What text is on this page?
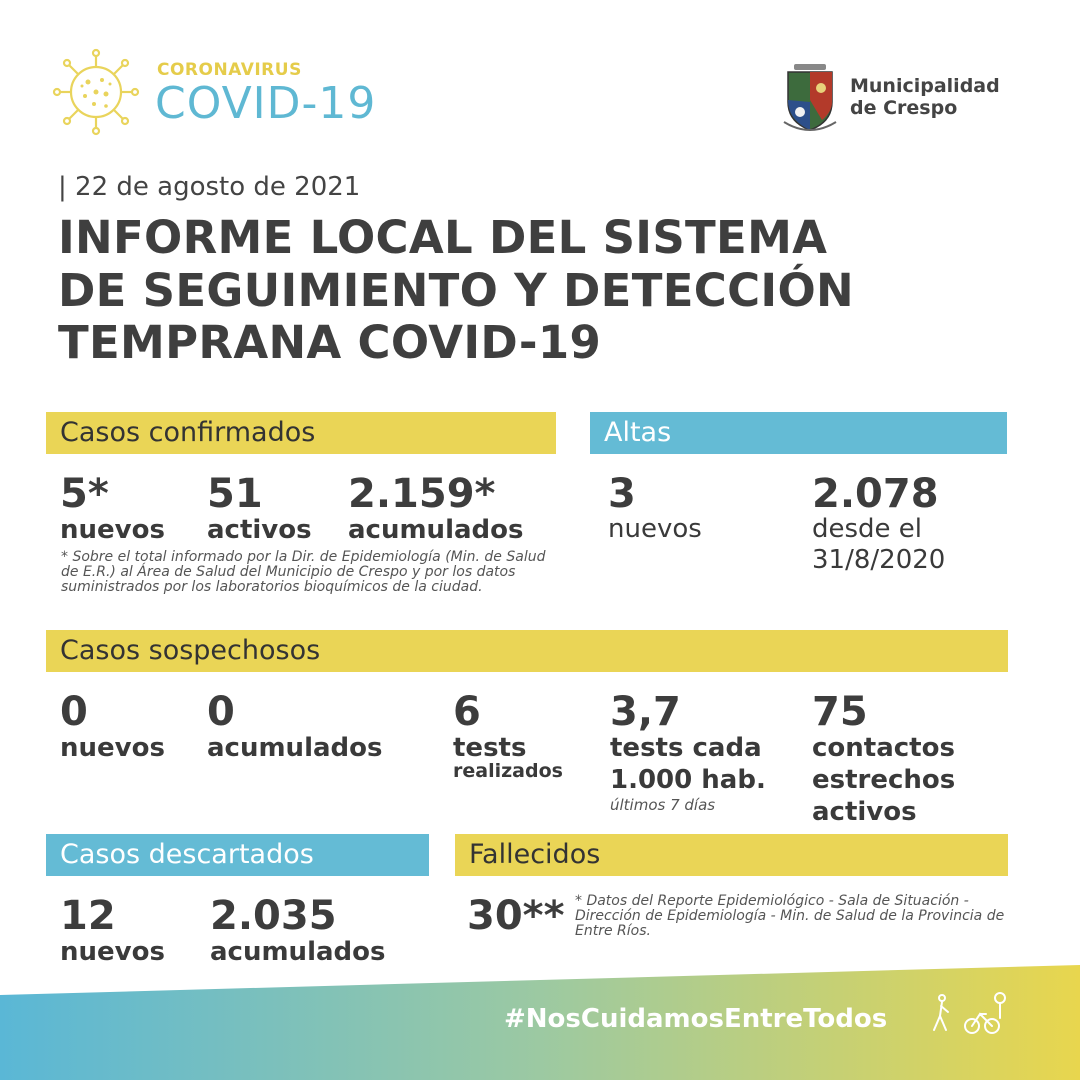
CORONAVIRUS
COVID-19	Municipalidad
de Crespo
| 22 de agosto de 2021
INFORME LOCAL DEL SISTEMA
DE SEGUIMIENTO Y DETECCIÓN
TEMPRANA COVID-19
Casos confirmados
5*
nuevos
51
activos
2.159*
acumulados
* Sobre el total informado por la Dir. de Epidemiología (Min. de Salud de E.R.) al Área de Salud del Municipio de Crespo y por los datos suministrados por los laboratorios bioquímicos de la ciudad.
Altas
3
nuevos
2.078
desde el
31/8/2020
Casos sospechosos
0
nuevos
0
acumulados
6
tests
realizados
3,7
tests cada
1.000 hab.
últimos 7 días
75
contactos
estrechos
activos
Casos descartados
12
nuevos
2.035
acumulados
Fallecidos
30** * Datos del Reporte Epidemiológico - Sala de Situación - Dirección de Epidemiología - Min. de Salud de la Provincia de Entre Ríos.
#NosCuidamosEntreTodos
